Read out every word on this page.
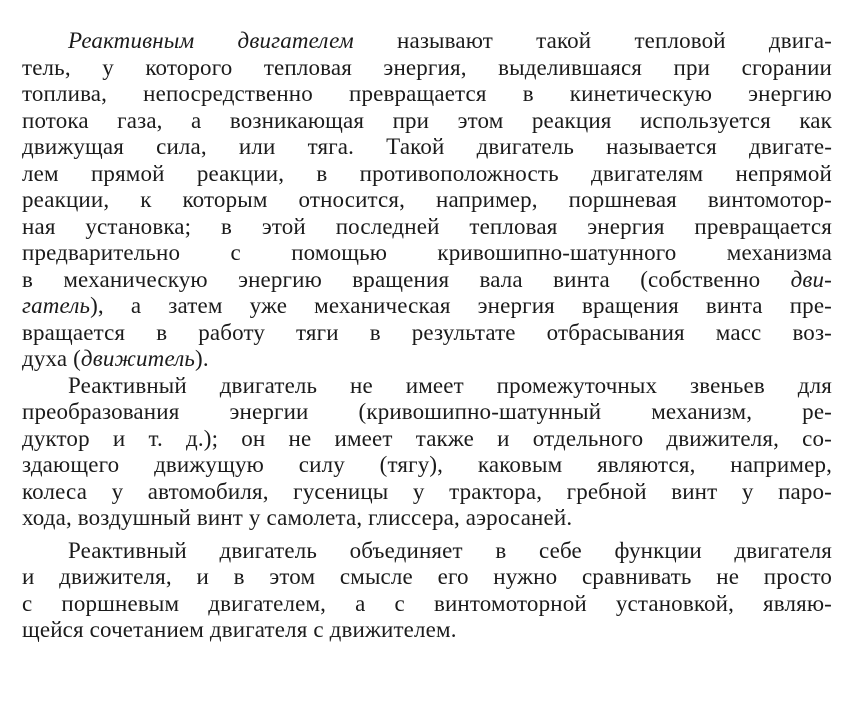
Реактивным двигателем называют такой тепловой двига-
тель, у которого тепловая энергия, выделившаяся при сгорании
топлива, непосредственно превращается в кинетическую энергию
потока газа, а возникающая при этом реакция используется как
движущая сила, или тяга. Такой двигатель называется двигате-
лем прямой реакции, в противоположность двигателям непрямой
реакции, к которым относится, например, поршневая винтомотор-
ная установка; в этой последней тепловая энергия превращается
предварительно с помощью кривошипно-шатунного механизма
в механическую энергию вращения вала винта (собственно дви-
гатель), а затем уже механическая энергия вращения винта пре-
вращается в работу тяги в результате отбрасывания масс воз-
духа (движитель).
Реактивный двигатель не имеет промежуточных звеньев для
преобразования энергии (кривошипно-шатунный механизм, ре-
дуктор и т. д.); он не имеет также и отдельного движителя, со-
здающего движущую силу (тягу), каковым являются, например,
колеса у автомобиля, гусеницы у трактора, гребной винт у паро-
хода, воздушный винт у самолета, глиссера, аэросаней.
Реактивный двигатель объединяет в себе функции двигателя
и движителя, и в этом смысле его нужно сравнивать не просто
с поршневым двигателем, а с винтомоторной установкой, являю-
щейся сочетанием двигателя с движителем.
